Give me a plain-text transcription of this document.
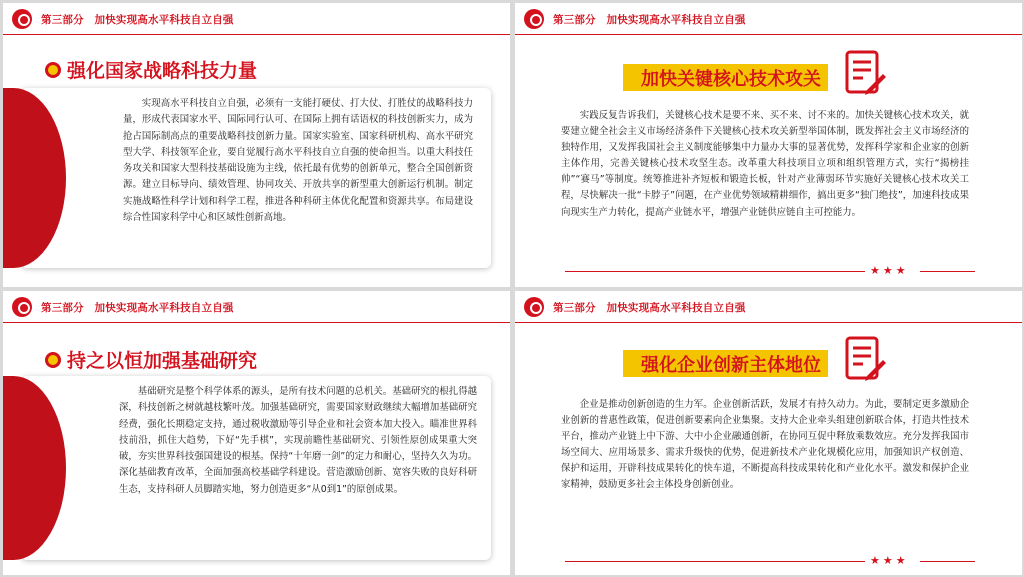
第三部分　加快实现高水平科技自立自强
强化国家战略科技力量
实现高水平科技自立自强，必须有一支能打硬仗、打大仗、打胜仗的战略科技力量，形成代表国家水平、国际同行认可、在国际上拥有话语权的科技创新实力，成为抢占国际制高点的重要战略科技创新力量。国家实验室、国家科研机构、高水平研究型大学、科技领军企业，要自觉履行高水平科技自立自强的使命担当。以重大科技任务攻关和国家大型科技基础设施为主线，依托最有优势的创新单元，整合全国创新资源。建立目标导向、绩效管理、协同攻关、开放共享的新型重大创新运行机制。制定实施战略性科学计划和科学工程，推进各种科研主体优化配置和资源共享。布局建设综合性国家科学中心和区域性创新高地。
第三部分　加快实现高水平科技自立自强
加快关键核心技术攻关
实践反复告诉我们，关键核心技术是要不来、买不来、讨不来的。加快关键核心技术攻关，就要建立健全社会主义市场经济条件下关键核心技术攻关新型举国体制，既发挥社会主义市场经济的独特作用，又发挥我国社会主义制度能够集中力量办大事的显著优势，发挥科学家和企业家的创新主体作用，完善关键核心技术攻坚生态。改革重大科技项目立项和组织管理方式，实行“揭榜挂帅”“赛马”等制度。统筹推进补齐短板和锻造长板，针对产业薄弱环节实施好关键核心技术攻关工程，尽快解决一批“卡脖子”问题，在产业优势领域精耕细作，搞出更多“独门绝技”，加速科技成果向现实生产力转化，提高产业链水平，增强产业链供应链自主可控能力。
★★★
第三部分　加快实现高水平科技自立自强
持之以恒加强基础研究
基础研究是整个科学体系的源头，是所有技术问题的总机关。基础研究的根扎得越深，科技创新之树就越枝繁叶茂。加强基础研究，需要国家财政继续大幅增加基础研究经费，强化长期稳定支持，通过税收激励等引导企业和社会资本加大投入。瞄准世界科技前沿，抓住大趋势，下好“先手棋”，实现前瞻性基础研究、引领性原创成果重大突破，夯实世界科技强国建设的根基。保持“十年磨一剑”的定力和耐心，坚持久久为功。深化基础教育改革，全面加强高校基础学科建设。营造激励创新、宽容失败的良好科研生态，支持科研人员脚踏实地，努力创造更多“从0到1”的原创成果。
第三部分　加快实现高水平科技自立自强
强化企业创新主体地位
企业是推动创新创造的生力军。企业创新活跃，发展才有持久动力。为此，要制定更多激励企业创新的普惠性政策，促进创新要素向企业集聚。支持大企业牵头组建创新联合体，打造共性技术平台，推动产业链上中下游、大中小企业融通创新，在协同互促中释放乘数效应。充分发挥我国市场空间大、应用场景多、需求升级快的优势，促进新技术产业化规模化应用，加强知识产权创造、保护和运用，开辟科技成果转化的快车道，不断提高科技成果转化和产业化水平。激发和保护企业家精神，鼓励更多社会主体投身创新创业。
★★★
